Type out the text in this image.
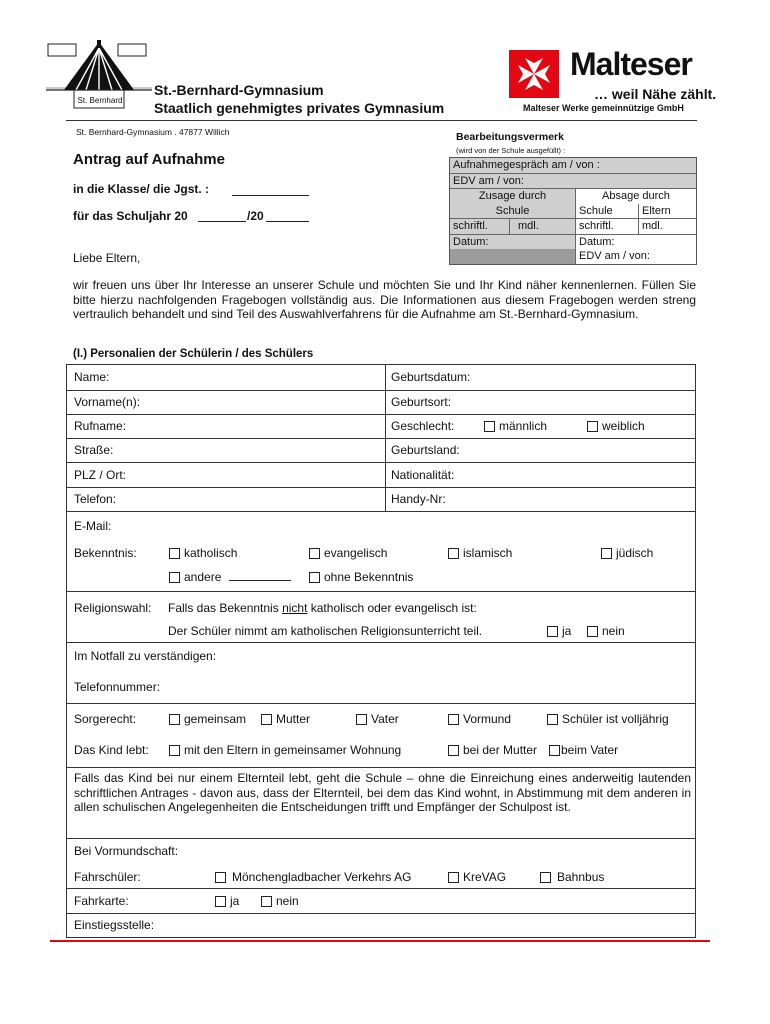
St. Bernhard
St.-Bernhard-Gymnasium
Staatlich genehmigtes privates Gymnasium
St. Bernhard-Gymnasium . 47877 Willich
Malteser
… weil Nähe zählt.
Malteser Werke gemeinnützige GmbH
Antrag auf Aufnahme
in die Klasse/ die Jgst. :
für das Schuljahr 20	/20
Bearbeitungsvermerk
(wird von der Schule ausgefüllt) :
Aufnahmegespräch am / von :
EDV am / von:
Zusage durch	Absage durch
Schule	Schule	Eltern
schriftl.	mdl.	schriftl.	mdl.
Datum:	Datum:
EDV am / von:
Liebe Eltern,
wir freuen uns über Ihr Interesse an unserer Schule und möchten Sie und Ihr Kind näher kennenlernen. Füllen Sie bitte hierzu nachfolgenden Fragebogen vollständig aus. Die Informationen aus diesem Fragebogen werden streng vertraulich behandelt und sind Teil des Auswahlverfahrens für die Aufnahme am St.-Bernhard-Gymnasium.
(I.) Personalien der Schülerin / des Schülers
Name:	Geburtsdatum:
Vorname(n):	Geburtsort:
Rufname:	Geschlecht:	männlich	weiblich
Straße:	Geburtsland:
PLZ / Ort:	Nationalität:
Telefon:	Handy-Nr:
E-Mail:
Bekenntnis:	katholisch	evangelisch	islamisch	jüdisch
andere	ohne Bekenntnis
Religionswahl: Falls das Bekenntnis nicht katholisch oder evangelisch ist:
Der Schüler nimmt am katholischen Religionsunterricht teil.	ja	nein
Im Notfall zu verständigen:
Telefonnummer:
Sorgerecht:	gemeinsam	Mutter	Vater	Vormund	Schüler ist volljährig
Das Kind lebt:	mit den Eltern in gemeinsamer Wohnung	bei der Mutter	beim Vater
Falls das Kind bei nur einem Elternteil lebt, geht die Schule – ohne die Einreichung eines anderweitig lautenden schriftlichen Antrages - davon aus, dass der Elternteil, bei dem das Kind wohnt, in Abstimmung mit dem anderen in allen schulischen Angelegenheiten die Entscheidungen trifft und Empfänger der Schulpost ist.
Bei Vormundschaft:
Fahrschüler:	Mönchengladbacher Verkehrs AG	KreVAG	Bahnbus
Fahrkarte:	ja	nein
Einstiegsstelle:
